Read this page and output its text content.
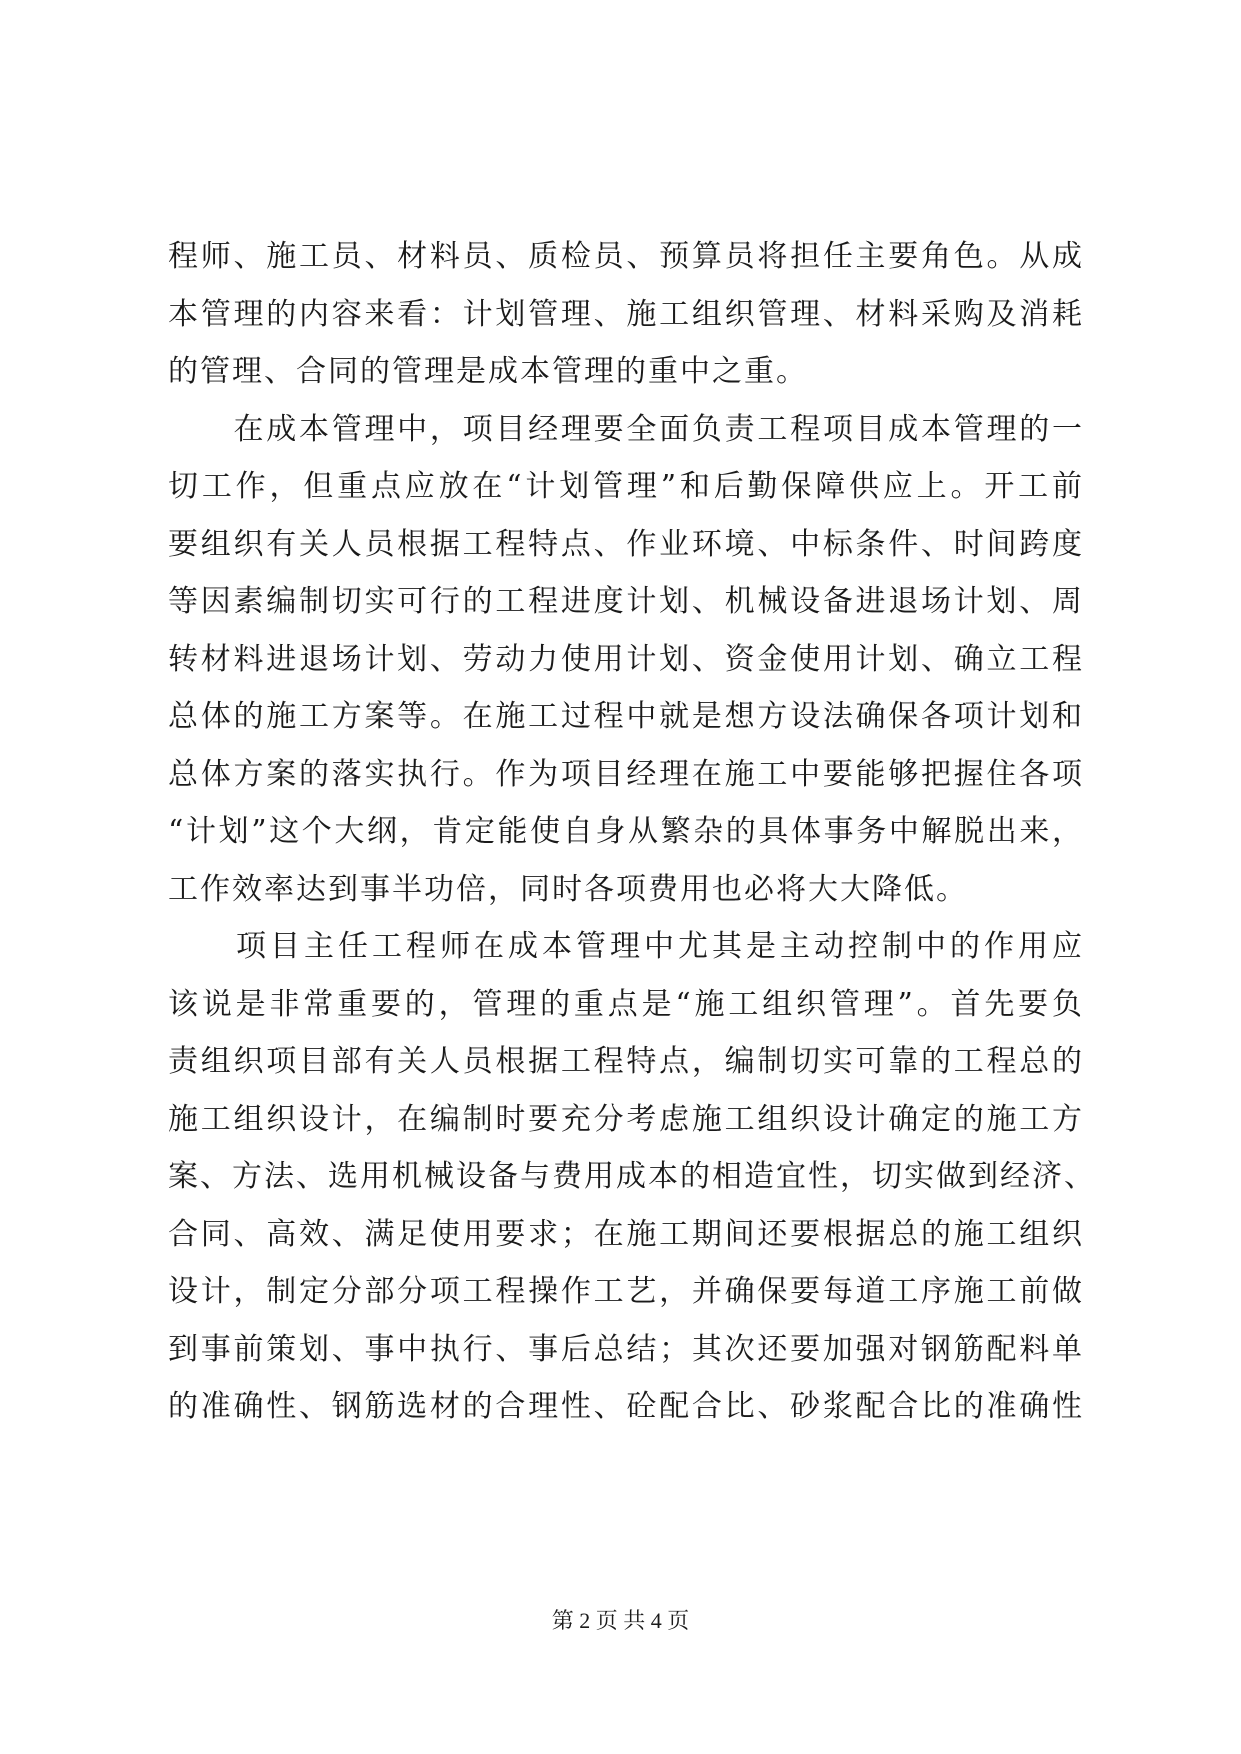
程师、施工员、材料员、质检员、预算员将担任主要角色。从成
本管理的内容来看：计划管理、施工组织管理、材料采购及消耗
的管理、合同的管理是成本管理的重中之重。
　　在成本管理中，项目经理要全面负责工程项目成本管理的一
切工作，但重点应放在“计划管理”和后勤保障供应上。开工前
要组织有关人员根据工程特点、作业环境、中标条件、时间跨度
等因素编制切实可行的工程进度计划、机械设备进退场计划、周
转材料进退场计划、劳动力使用计划、资金使用计划、确立工程
总体的施工方案等。在施工过程中就是想方设法确保各项计划和
总体方案的落实执行。作为项目经理在施工中要能够把握住各项
“计划”这个大纲，肯定能使自身从繁杂的具体事务中解脱出来，
工作效率达到事半功倍，同时各项费用也必将大大降低。
　　项目主任工程师在成本管理中尤其是主动控制中的作用应
该说是非常重要的，管理的重点是“施工组织管理”。首先要负
责组织项目部有关人员根据工程特点，编制切实可靠的工程总的
施工组织设计，在编制时要充分考虑施工组织设计确定的施工方
案、方法、选用机械设备与费用成本的相造宜性，切实做到经济、
合同、高效、满足使用要求；在施工期间还要根据总的施工组织
设计，制定分部分项工程操作工艺，并确保要每道工序施工前做
到事前策划、事中执行、事后总结；其次还要加强对钢筋配料单
的准确性、钢筋选材的合理性、砼配合比、砂浆配合比的准确性
第 2 页 共 4 页
